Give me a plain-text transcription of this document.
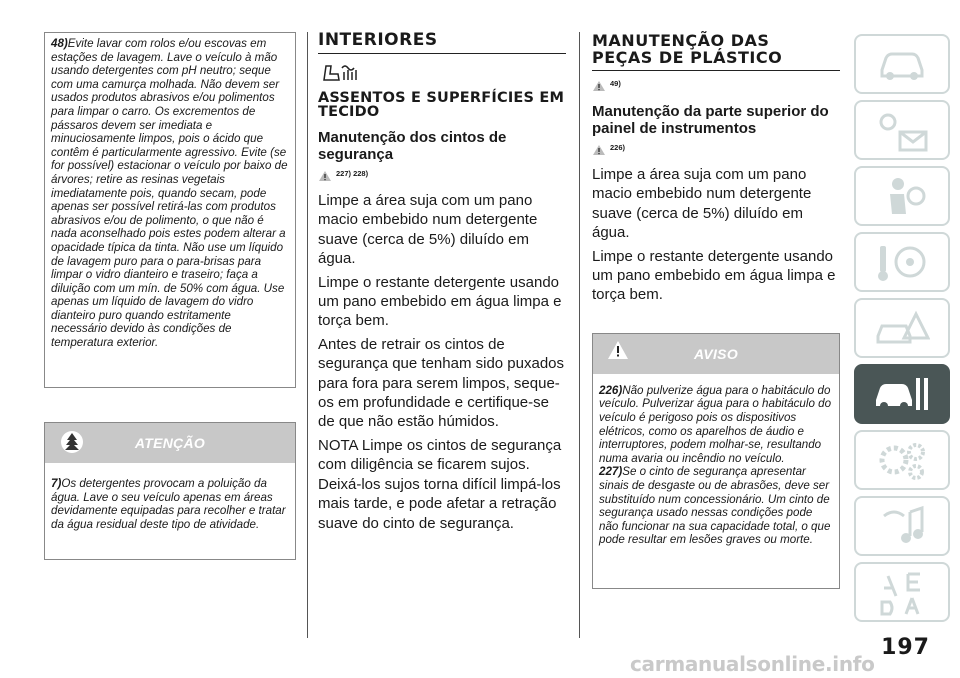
48)Evite lavar com rolos e/ou escovas em estações de lavagem. Lave o veículo à mão usando detergentes com pH neutro; seque com uma camurça molhada. Não devem ser usados produtos abrasivos e/ou polimentos para limpar o carro. Os excrementos de pássaros devem ser imediata e minuciosamente limpos, pois o ácido que contêm é particularmente agressivo. Evite (se for possível) estacionar o veículo por baixo de árvores; retire as resinas vegetais imediatamente pois, quando secam, pode apenas ser possível retirá-las com produtos abrasivos e/ou de polimento, o que não é nada aconselhado pois estes podem alterar a opacidade típica da tinta. Não use um líquido de lavagem puro para o para-brisas para limpar o vidro dianteiro e traseiro; faça a diluição com um mín. de 50% com água. Use apenas um líquido de lavagem do vidro dianteiro puro quando estritamente necessário devido às condições de temperatura exterior.

ATENÇÃO

7)Os detergentes provocam a poluição da água. Lave o seu veículo apenas em áreas devidamente equipadas para recolher e tratar da água residual deste tipo de atividade.

INTERIORES
ASSENTOS E SUPERFÍCIES EM TECIDO
Manutenção dos cintos de segurança
227) 228)

Limpe a área suja com um pano macio embebido num detergente suave (cerca de 5%) diluído em água.

Limpe o restante detergente usando um pano embebido em água limpa e torça bem.

Antes de retrair os cintos de segurança que tenham sido puxados para fora para serem limpos, seque-os em profundidade e certifique-se de que não estão húmidos.

NOTA Limpe os cintos de segurança com diligência se ficarem sujos.

Deixá-los sujos torna difícil limpá-los mais tarde, e pode afetar a retração suave do cinto de segurança.

MANUTENÇÃO DAS
PEÇAS DE PLÁSTICO
49)
Manutenção da parte superior do painel de instrumentos
226)

Limpe a área suja com um pano macio embebido num detergente suave (cerca de 5%) diluído em água.

Limpe o restante detergente usando um pano embebido em água limpa e torça bem.

AVISO

226)Não pulverize água para o habitáculo do veículo. Pulverizar água para o habitáculo do veículo é perigoso pois os dispositivos elétricos, como os aparelhos de áudio e interruptores, podem molhar-se, resultando numa avaria ou incêndio no veículo.

227)Se o cinto de segurança apresentar sinais de desgaste ou de abrasões, deve ser substituído num concessionário. Um cinto de segurança usado nessas condições pode não funcionar na sua capacidade total, o que pode resultar em lesões graves ou morte.

197
carmanualsonline.info
